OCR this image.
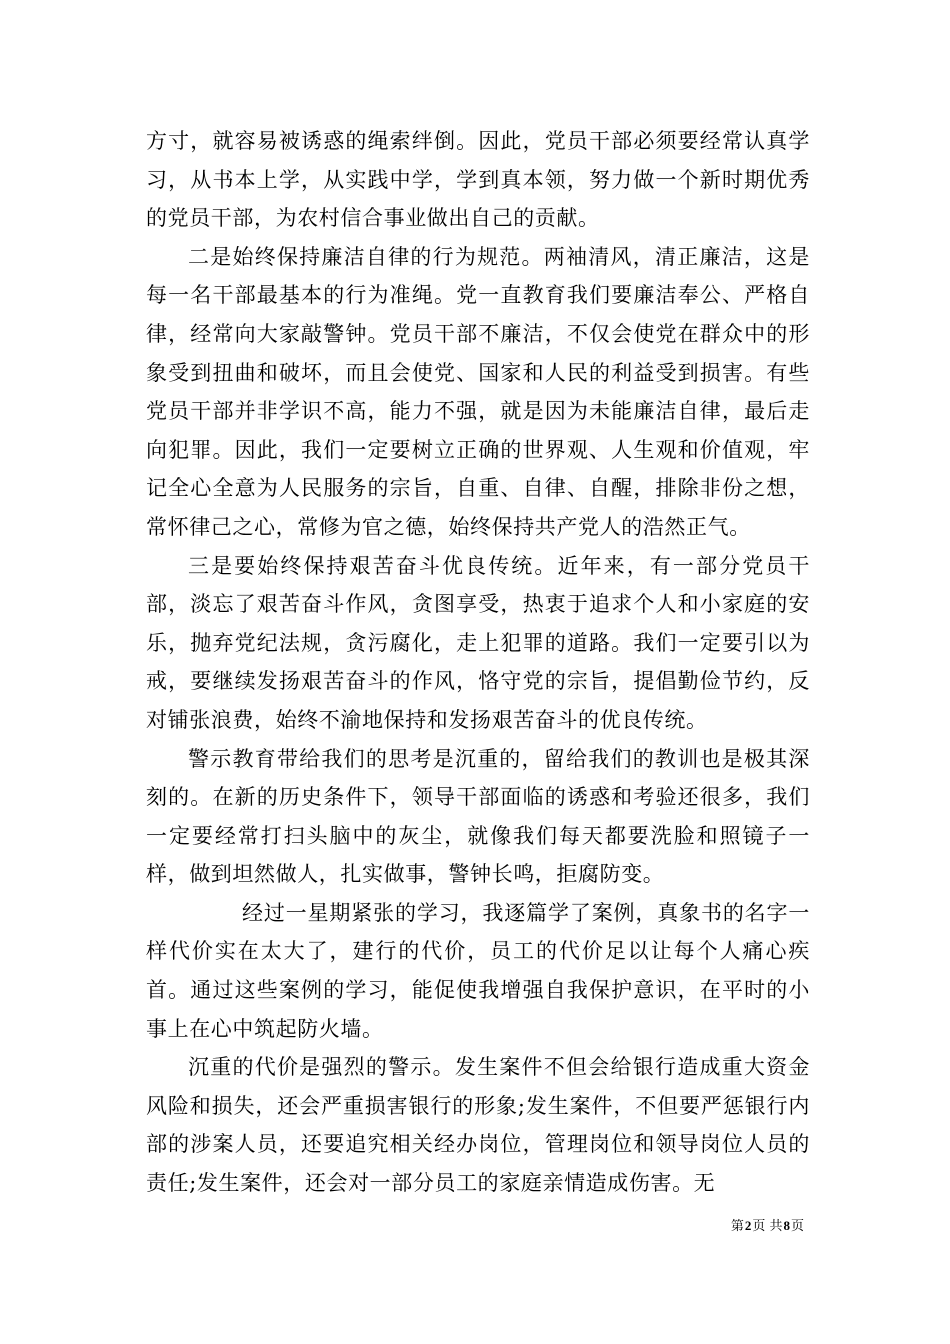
方寸，就容易被诱惑的绳索绊倒。因此，党员干部必须要经常认真学习，从书本上学，从实践中学，学到真本领，努力做一个新时期优秀的党员干部，为农村信合事业做出自己的贡献。

二是始终保持廉洁自律的行为规范。两袖清风，清正廉洁，这是每一名干部最基本的行为准绳。党一直教育我们要廉洁奉公、严格自律，经常向大家敲警钟。党员干部不廉洁，不仅会使党在群众中的形象受到扭曲和破坏，而且会使党、国家和人民的利益受到损害。有些党员干部并非学识不高，能力不强，就是因为未能廉洁自律，最后走向犯罪。因此，我们一定要树立正确的世界观、人生观和价值观，牢记全心全意为人民服务的宗旨，自重、自律、自醒，排除非份之想，常怀律己之心，常修为官之德，始终保持共产党人的浩然正气。

三是要始终保持艰苦奋斗优良传统。近年来，有一部分党员干部，淡忘了艰苦奋斗作风，贪图享受，热衷于追求个人和小家庭的安乐，抛弃党纪法规，贪污腐化，走上犯罪的道路。我们一定要引以为戒，要继续发扬艰苦奋斗的作风，恪守党的宗旨，提倡勤俭节约，反对铺张浪费，始终不渝地保持和发扬艰苦奋斗的优良传统。

警示教育带给我们的思考是沉重的，留给我们的教训也是极其深刻的。在新的历史条件下，领导干部面临的诱惑和考验还很多，我们一定要经常打扫头脑中的灰尘，就像我们每天都要洗脸和照镜子一样，做到坦然做人，扎实做事，警钟长鸣，拒腐防变。

经过一星期紧张的学习，我逐篇学了案例，真象书的名字一样代价实在太大了，建行的代价，员工的代价足以让每个人痛心疾首。通过这些案例的学习，能促使我增强自我保护意识，在平时的小事上在心中筑起防火墙。

沉重的代价是强烈的警示。发生案件不但会给银行造成重大资金风险和损失，还会严重损害银行的形象;发生案件，不但要严惩银行内部的涉案人员，还要追究相关经办岗位，管理岗位和领导岗位人员的责任;发生案件，还会对一部分员工的家庭亲情造成伤害。无

第2页 共8页
